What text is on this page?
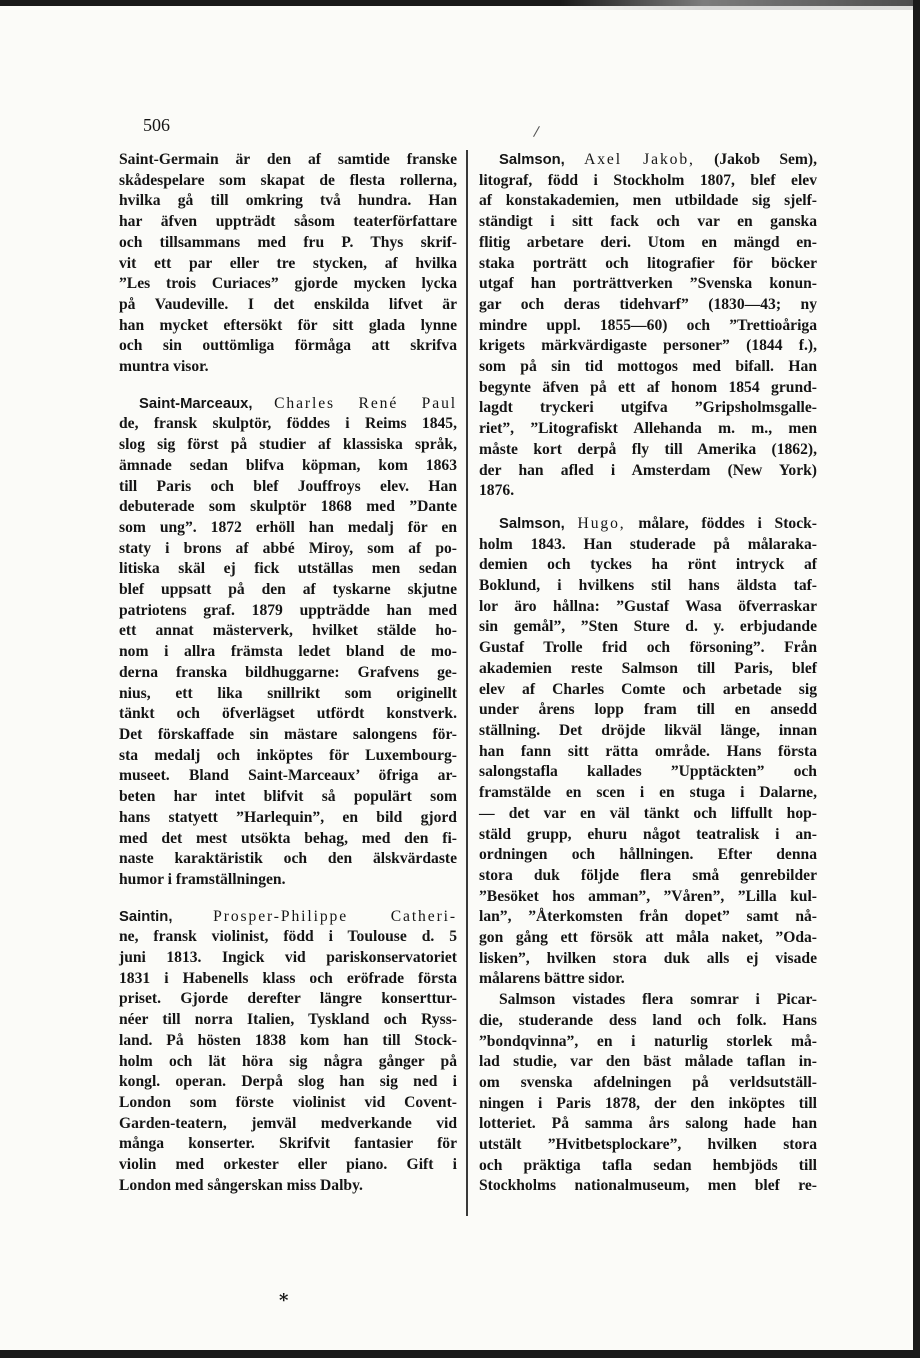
506	/
Saint-Germain är den af samtide franske
skådespelare som skapat de flesta rollerna,
hvilka gå till omkring två hundra. Han
har äfven uppträdt såsom teaterförfattare
och tillsammans med fru P. Thys skrif-
vit ett par eller tre stycken, af hvilka
”Les trois Curiaces” gjorde mycken lycka
på Vaudeville. I det enskilda lifvet är
han mycket eftersökt för sitt glada lynne
och sin outtömliga förmåga att skrifva
muntra visor.
Saint-Marceaux, Charles René Paul
de, fransk skulptör, föddes i Reims 1845,
slog sig först på studier af klassiska språk,
ämnade sedan blifva köpman, kom 1863
till Paris och blef Jouffroys elev. Han
debuterade som skulptör 1868 med ”Dante
som ung”. 1872 erhöll han medalj för en
staty i brons af abbé Miroy, som af po-
litiska skäl ej fick utställas men sedan
blef uppsatt på den af tyskarne skjutne
patriotens graf. 1879 uppträdde han med
ett annat mästerverk, hvilket stälde ho-
nom i allra främsta ledet bland de mo-
derna franska bildhuggarne: Grafvens ge-
nius, ett lika snillrikt som originellt
tänkt och öfverlägset utfördt konstverk.
Det förskaffade sin mästare salongens för-
sta medalj och inköptes för Luxembourg-
museet. Bland Saint-Marceaux’ öfriga ar-
beten har intet blifvit så populärt som
hans statyett ”Harlequin”, en bild gjord
med det mest utsökta behag, med den fi-
naste karaktäristik och den älskvärdaste
humor i framställningen.
Saintin,	Prosper-Philippe Catheri-
ne, fransk violinist, född i Toulouse d. 5
juni 1813. Ingick vid pariskonservatoriet
1831 i Habenells klass och eröfrade första
priset. Gjorde derefter längre konserttur-
néer till norra Italien, Tyskland och Ryss-
land. På hösten 1838 kom han till Stock-
holm och lät höra sig några gånger på
kongl. operan. Derpå slog han sig ned i
London som förste violinist vid Covent-
Garden-teatern, jemväl medverkande vid
många konserter. Skrifvit fantasier för
violin med orkester eller piano. Gift i
London med sångerskan miss Dalby.
Salmson, Axel Jakob, (Jakob Sem),
litograf, född i Stockholm 1807, blef elev
af konstakademien, men utbildade sig sjelf-
ständigt i sitt fack och var en ganska
flitig arbetare deri. Utom en mängd en-
staka porträtt och litografier för böcker
utgaf han porträttverken ”Svenska konun-
gar och deras tidehvarf” (1830—43; ny
mindre uppl. 1855—60) och ”Trettioåriga
krigets märkvärdigaste personer” (1844 f.),
som på sin tid mottogos med bifall. Han
begynte äfven på ett af honom 1854 grund-
lagdt tryckeri utgifva ”Gripsholmsgalle-
riet”, ”Litografiskt Allehanda m. m., men
måste kort derpå fly till Amerika (1862),
der han afled i Amsterdam (New York)
1876.
Salmson, Hugo, målare, föddes i Stock-
holm 1843. Han studerade på målaraka-
demien och tyckes ha rönt intryck af
Boklund, i hvilkens stil hans äldsta taf-
lor äro hållna: ”Gustaf Wasa öfverraskar
sin gemål”, ”Sten Sture d. y. erbjudande
Gustaf Trolle frid och försoning”. Från
akademien reste Salmson till Paris, blef
elev af Charles Comte och arbetade sig
under årens lopp fram till en ansedd
ställning. Det dröjde likväl länge, innan
han fann sitt rätta område. Hans första
salongstafla kallades ”Upptäckten” och
framstälde en scen i en stuga i Dalarne,
— det var en väl tänkt och liffullt hop-
stäld grupp, ehuru något teatralisk i an-
ordningen och hållningen. Efter denna
stora duk följde flera små genrebilder
”Besöket hos amman”, ”Våren”, ”Lilla kul-
lan”, ”Återkomsten från dopet” samt nå-
gon gång ett försök att måla naket, ”Oda-
lisken”, hvilken stora duk alls ej visade
målarens bättre sidor.
Salmson vistades flera somrar i Picar-
die, studerande dess land och folk. Hans
”bondqvinna”, en i naturlig storlek må-
lad studie, var den bäst målade taflan in-
om svenska afdelningen på verldsutställ-
ningen i Paris 1878, der den inköptes till
lotteriet. På samma års salong hade han
utstält ”Hvitbetsplockare”, hvilken stora
och präktiga tafla sedan hembjöds till
Stockholms nationalmuseum, men blef re-
*
